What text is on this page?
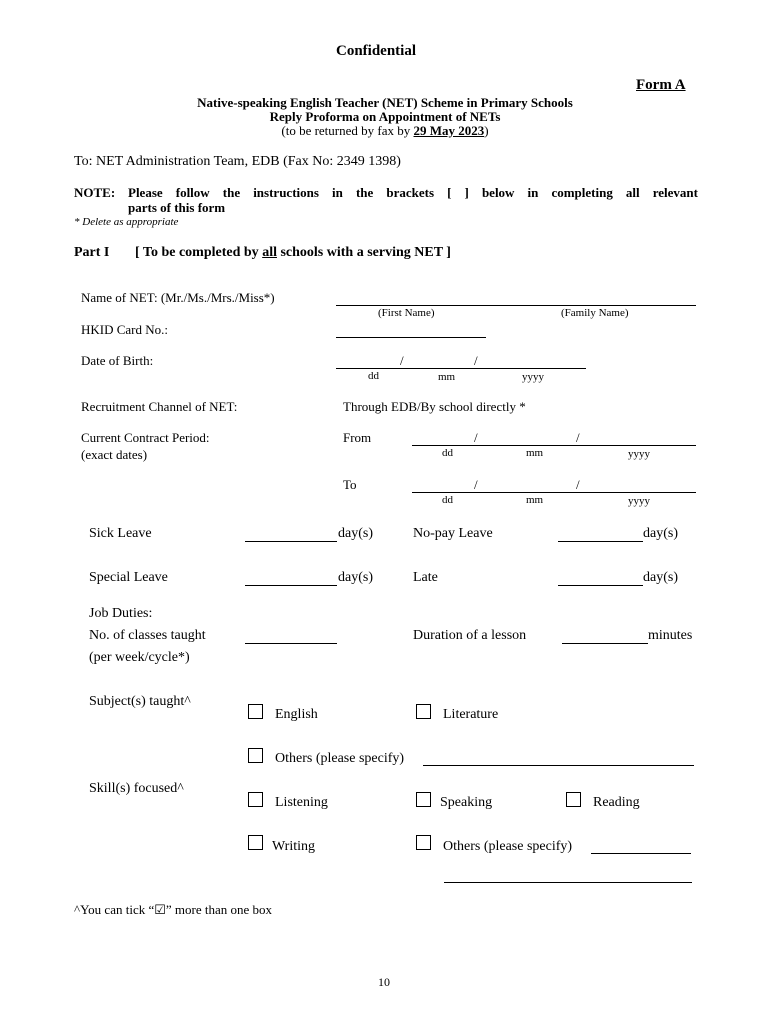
Confidential
Form A
Native-speaking English Teacher (NET) Scheme in Primary Schools
Reply Proforma on Appointment of NETs
(to be returned by fax by 29 May 2023)
To: NET Administration Team, EDB (Fax No: 2349 1398)
NOTE: Please follow the instructions in the brackets [ ] below in completing all relevant
parts of this form
* Delete as appropriate
Part I [ To be completed by all schools with a serving NET ]
Name of NET: (Mr./Ms./Mrs./Miss*)
(First Name)	(Family Name)
HKID Card No.:
Date of Birth:	/	/
dd	mm	yyyy
Recruitment Channel of NET:	Through EDB/By school directly *
Current Contract Period:
(exact dates)
From	/	/
dd	mm	yyyy
To	/	/
dd	mm	yyyy
Sick Leave	day(s)	No-pay Leave	day(s)
Special Leave	day(s)	Late	day(s)
Job Duties:
No. of classes taught
(per week/cycle*)
Duration of a lesson	minutes
Subject(s) taught^
English	Literature
Others (please specify)
Skill(s) focused^
Listening	Speaking	Reading
Writing	Others (please specify)
^You can tick “☑” more than one box
10
